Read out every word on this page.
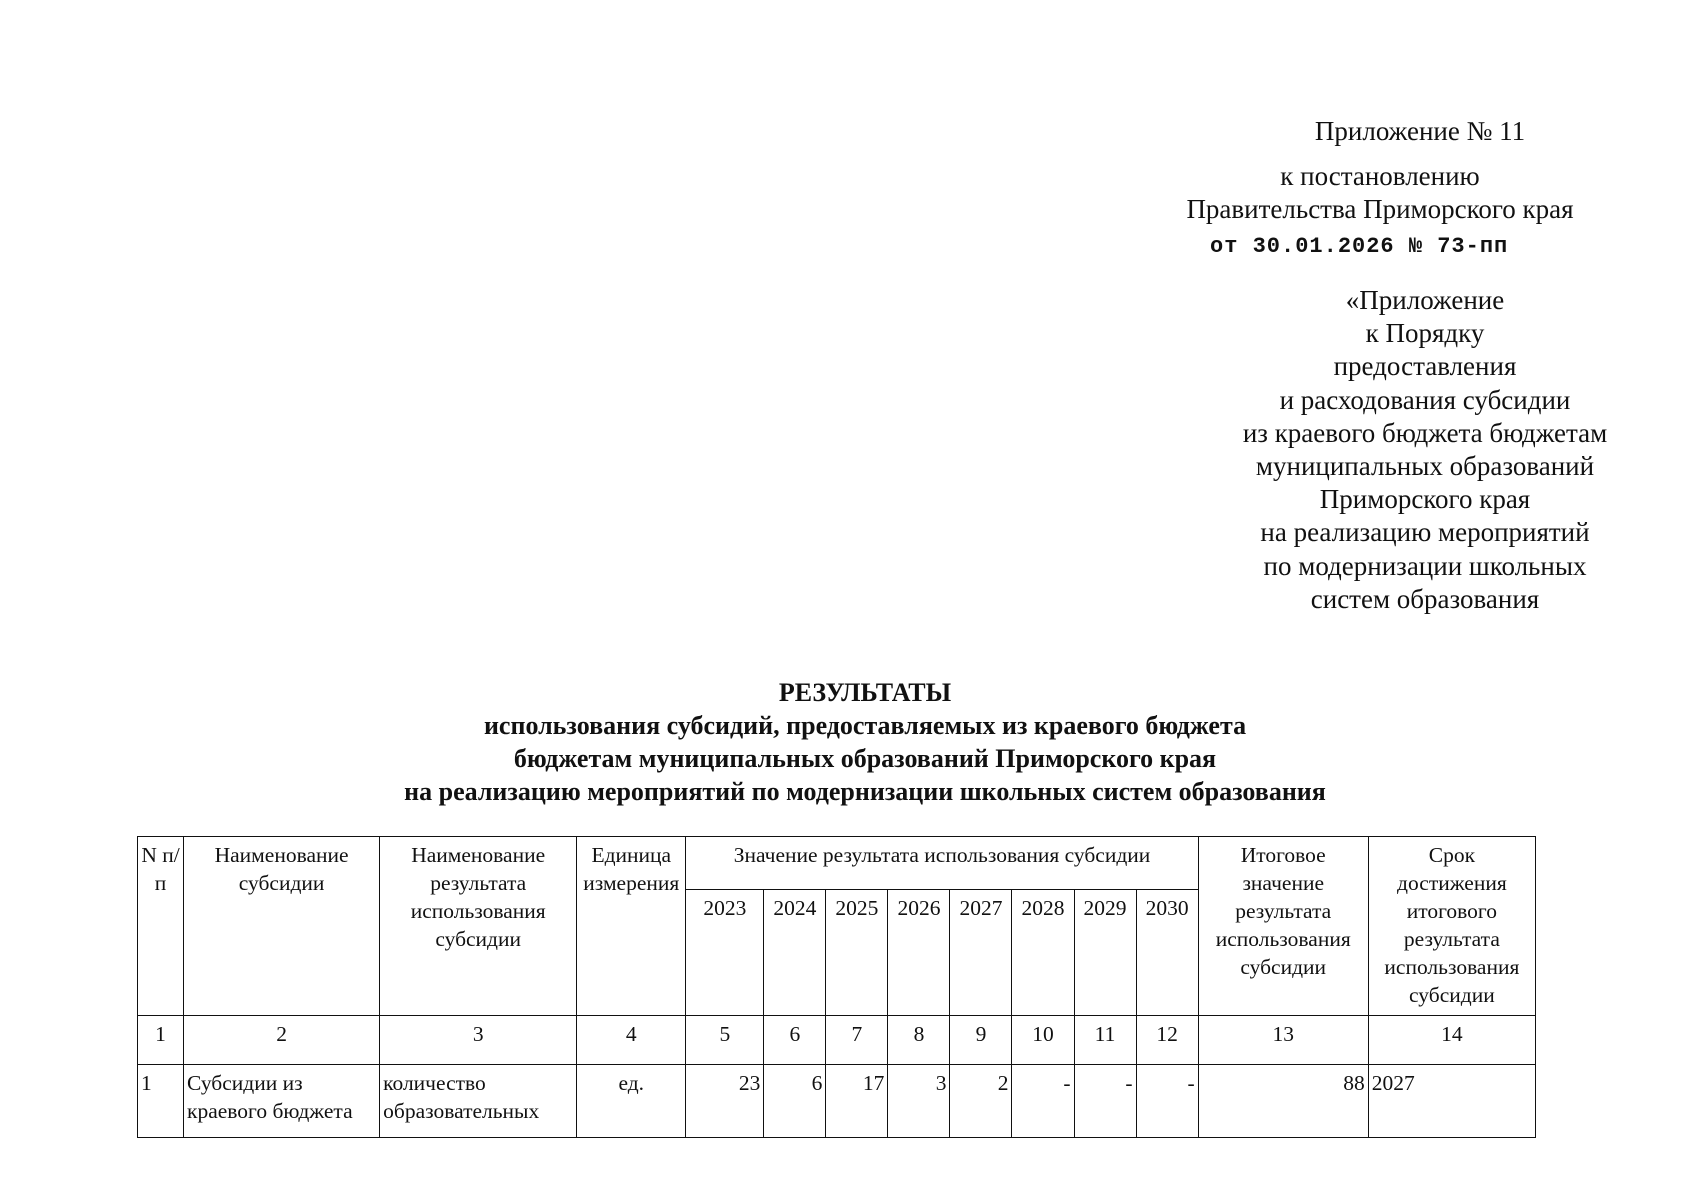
Приложение № 11
к постановлению
Правительства Приморского края
от 30.01.2026 № 73-пп
«Приложение
к Порядку
предоставления
и расходования субсидии
из краевого бюджета бюджетам
муниципальных образований
Приморского края
на реализацию мероприятий
по модернизации школьных
систем образования
РЕЗУЛЬТАТЫ
использования субсидий, предоставляемых из краевого бюджета
бюджетам муниципальных образований Приморского края
на реализацию мероприятий по модернизации школьных систем образования
N п/п	Наименование субсидии	Наименование результата использования субсидии	Единица измерения	Значение результата использования субсидии								Итоговое значение результата использования субсидии	Срок достижения итогового результата использования субсидии
				2023	2024	2025	2026	2027	2028	2029	2030		
1	2	3	4	5	6	7	8	9	10	11	12	13	14
1	Субсидии из краевого бюджета	количество образовательных	ед.	23	6	17	3	2	-	-	-	88	2027
